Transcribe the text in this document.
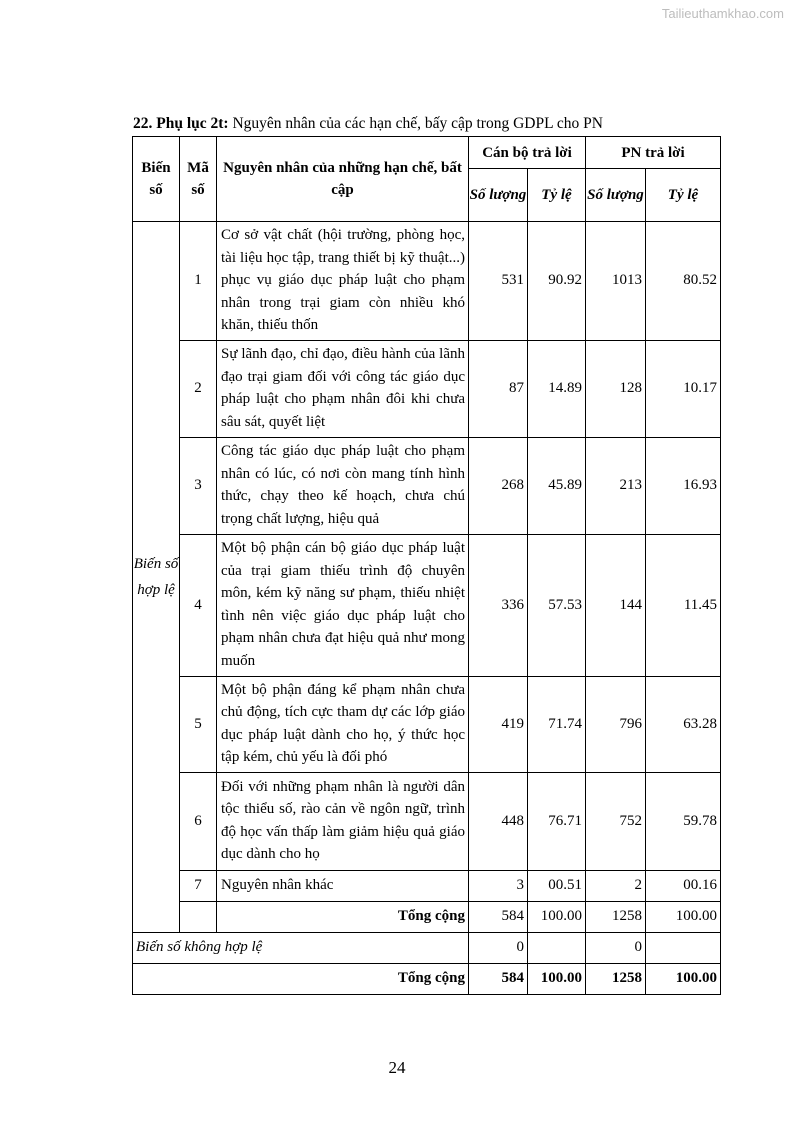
Tailieuthamkhao.com
22. Phụ lục 2t: Nguyên nhân của các hạn chế, bấy cập trong GDPL cho PN
Biến số	Mã số	Nguyên nhân của những hạn chế, bất cập	Cán bộ trả lời		PN trả lời	
			Số lượng	Tỷ lệ	Số lượng	Tỷ lệ
Biến số hợp lệ	1	Cơ sở vật chất (hội trường, phòng học, tài liệu học tập, trang thiết bị kỹ thuật...) phục vụ giáo dục pháp luật cho phạm nhân trong trại giam còn nhiều khó khăn, thiếu thốn	531	90.92	1013	80.52
	2	Sự lãnh đạo, chỉ đạo, điều hành của lãnh đạo trại giam đối với công tác giáo dục pháp luật cho phạm nhân đôi khi chưa sâu sát, quyết liệt	87	14.89	128	10.17
	3	Công tác giáo dục pháp luật cho phạm nhân có lúc, có nơi còn mang tính hình thức, chạy theo kế hoạch, chưa chú trọng chất lượng, hiệu quả	268	45.89	213	16.93
	4	Một bộ phận cán bộ giáo dục pháp luật của trại giam thiếu trình độ chuyên môn, kém kỹ năng sư phạm, thiếu nhiệt tình nên việc giáo dục pháp luật cho phạm nhân chưa đạt hiệu quả như mong muốn	336	57.53	144	11.45
	5	Một bộ phận đáng kể phạm nhân chưa chủ động, tích cực tham dự các lớp giáo dục pháp luật dành cho họ, ý thức học tập kém, chủ yếu là đối phó	419	71.74	796	63.28
	6	Đối với những phạm nhân là người dân tộc thiểu số, rào cản về ngôn ngữ, trình độ học vấn thấp làm giảm hiệu quả giáo dục dành cho họ	448	76.71	752	59.78
	7	Nguyên nhân khác	3	00.51	2	00.16
		Tổng cộng	584	100.00	1258	100.00
Biến số không hợp lệ			0		0	
Tổng cộng			584	100.00	1258	100.00
24
